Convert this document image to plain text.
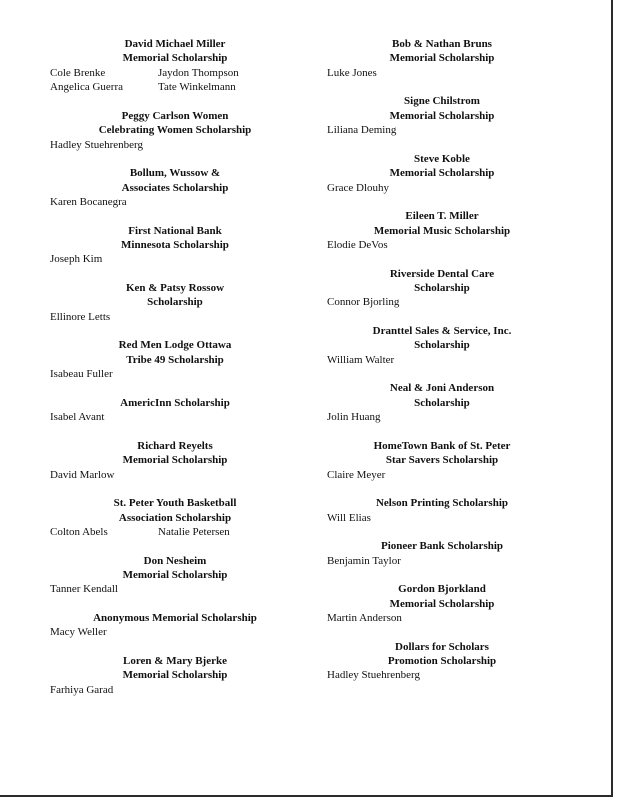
David Michael Miller
Memorial Scholarship
Cole Brenke	Jaydon Thompson
Angelica Guerra	Tate Winkelmann
Peggy Carlson Women
Celebrating Women Scholarship
Hadley Stuehrenberg
Bollum, Wussow &
Associates Scholarship
Karen Bocanegra
First National Bank
Minnesota Scholarship
Joseph Kim
Ken & Patsy Rossow
Scholarship
Ellinore Letts
Red Men Lodge Ottawa
Tribe 49 Scholarship
Isabeau Fuller
AmericInn Scholarship
Isabel Avant
Richard Reyelts
Memorial Scholarship
David Marlow
St. Peter Youth Basketball
Association Scholarship
Colton Abels	Natalie Petersen
Don Nesheim
Memorial Scholarship
Tanner Kendall
Anonymous Memorial Scholarship
Macy Weller
Loren & Mary Bjerke
Memorial Scholarship
Farhiya Garad
Bob & Nathan Bruns
Memorial Scholarship
Luke Jones
Signe Chilstrom
Memorial Scholarship
Liliana Deming
Steve Koble
Memorial Scholarship
Grace Dlouhy
Eileen T. Miller
Memorial Music Scholarship
Elodie DeVos
Riverside Dental Care
Scholarship
Connor Bjorling
Dranttel Sales & Service, Inc.
Scholarship
William Walter
Neal & Joni Anderson
Scholarship
Jolin Huang
HomeTown Bank of St. Peter
Star Savers Scholarship
Claire Meyer
Nelson Printing Scholarship
Will Elias
Pioneer Bank Scholarship
Benjamin Taylor
Gordon Bjorkland
Memorial Scholarship
Martin Anderson
Dollars for Scholars
Promotion Scholarship
Hadley Stuehrenberg
